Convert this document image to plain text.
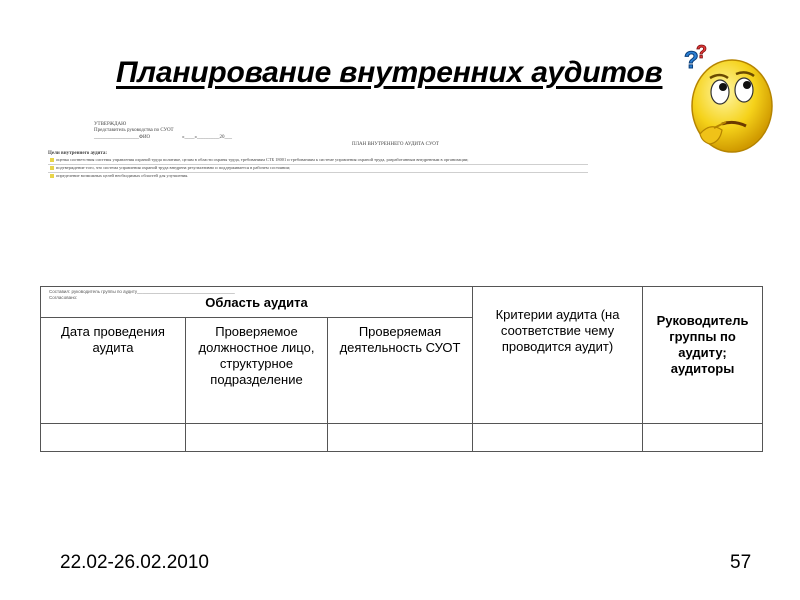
Планирование внутренних аудитов ?
?
УТВЕРЖДАЮ
Представитель руководства по СУОТ
__________________ФИО	«____»_________20___
ПЛАН ВНУТРЕННЕГО АУДИТА СУОТ
Цели внутреннего аудита:
оценка соответствия системы управления охраной труда политике, целям в области охраны труда, требованиям СТБ 18001 и требованиям к системе управления охраной труда, разработанным внедренным в организации;
подтверждение того, что система управления охраной труда внедрена результативно и поддерживается в рабочем состоянии;
определение возможных целей необходимых областей для улучшения.
Составил: руководитель группы по аудиту_______________________________________
Согласовано: Область аудита			Критерии аудита (на соответствие чему проводится аудит)	Руководитель группы по аудиту; аудиторы
Дата проведения аудита	Проверяемое должностное лицо, структурное подразделение	Проверяемая деятельность СУОТ		

22.02-26.02.2010	57
